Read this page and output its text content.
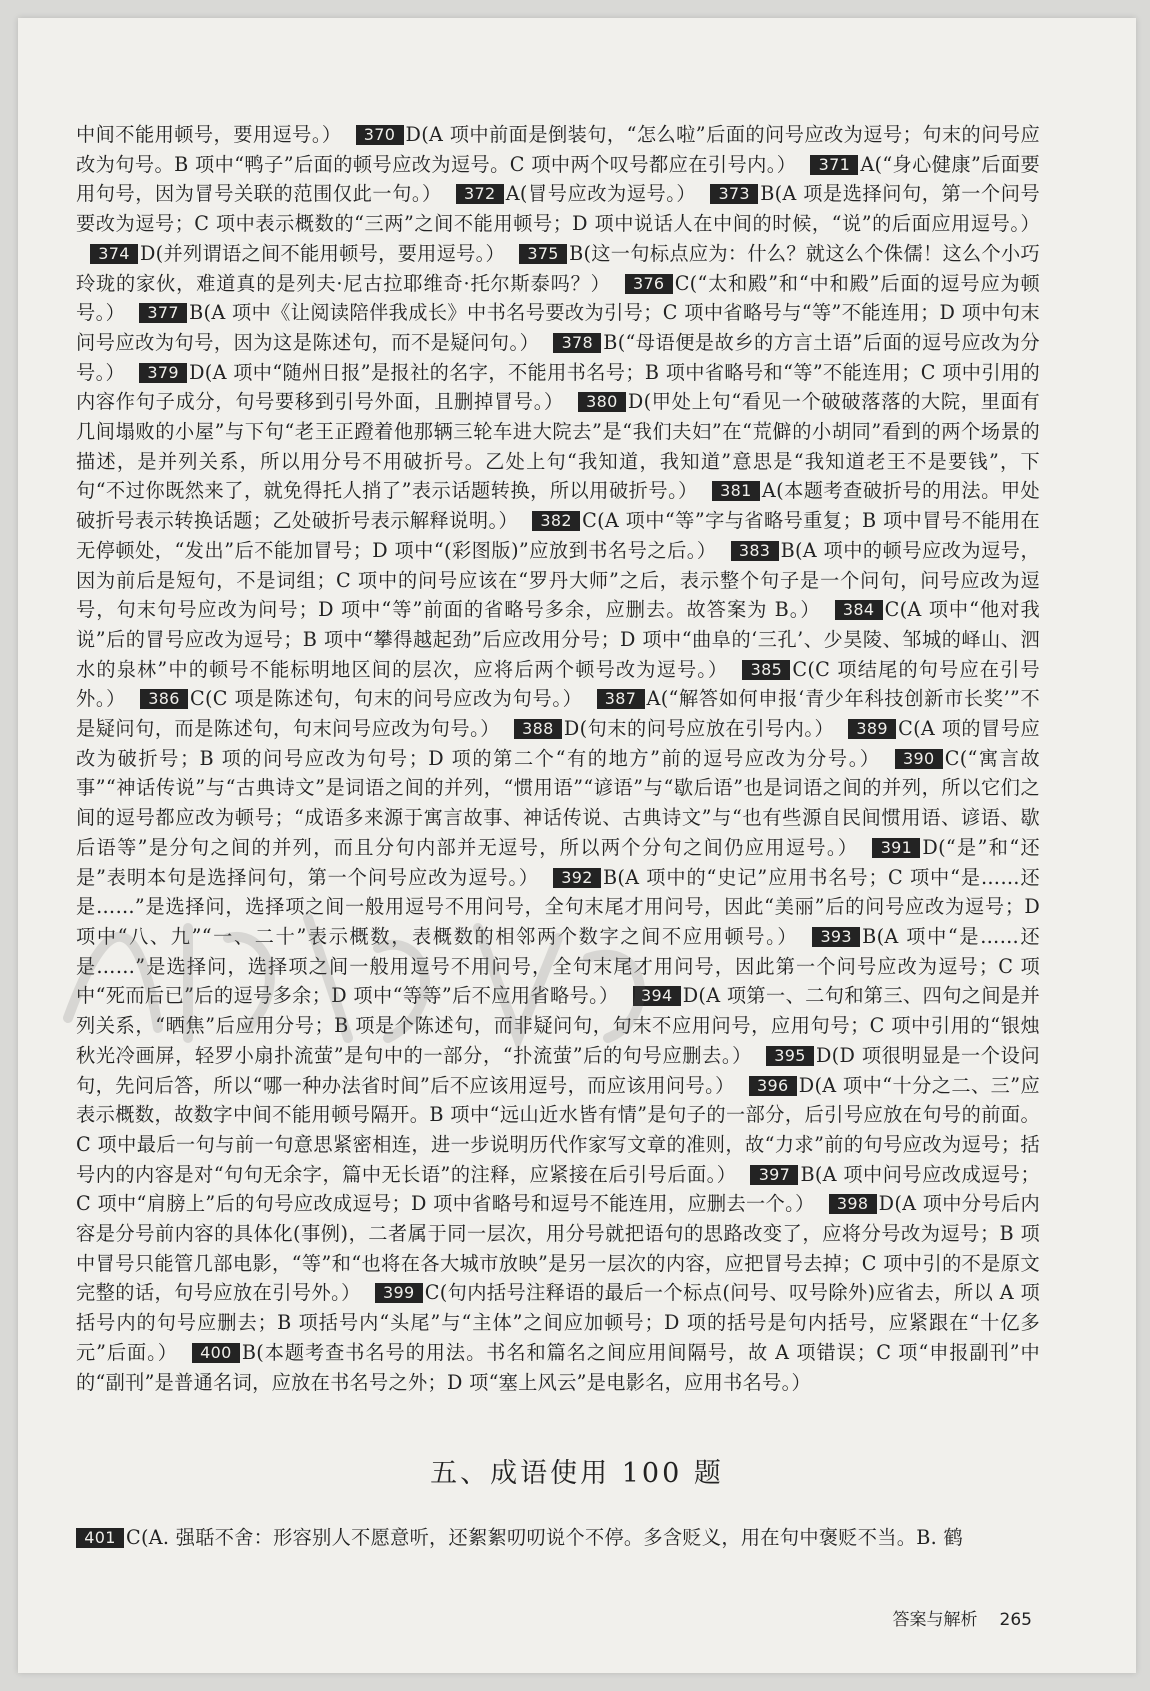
中间不能用顿号，要用逗号。） 370 D(A 项中前面是倒装句，“怎么啦”后面的问号应改为逗号；句末的问号应改为句号。B 项中“鸭子”后面的顿号应改为逗号。C 项中两个叹号都应在引号内。） 371 A(“身心健康”后面要用句号，因为冒号关联的范围仅此一句。） 372 A(冒号应改为逗号。） 373 B(A 项是选择问句，第一个问号要改为逗号；C 项中表示概数的“三两”之间不能用顿号；D 项中说话人在中间的时候，“说”的后面应用逗号。）374 D(并列谓语之间不能用顿号，要用逗号。） 375 B(这一句标点应为：什么？就这么个侏儒！这么个小巧玲珑的家伙，难道真的是列夫·尼古拉耶维奇·托尔斯泰吗？） 376 C(“太和殿”和“中和殿”后面的逗号应为顿号。） 377 B(A 项中《让阅读陪伴我成长》中书名号要改为引号；C 项中省略号与“等”不能连用；D 项中句末问号应改为句号，因为这是陈述句，而不是疑问句。） 378 B(“母语便是故乡的方言土语”后面的逗号应改为分号。） 379 D(A 项中“随州日报”是报社的名字，不能用书名号；B 项中省略号和“等”不能连用；C 项中引用的内容作句子成分，句号要移到引号外面，且删掉冒号。） 380 D(甲处上句“看见一个破破落落的大院，里面有几间塌败的小屋”与下句“老王正蹬着他那辆三轮车进大院去”是“我们夫妇”在“荒僻的小胡同”看到的两个场景的描述，是并列关系，所以用分号不用破折号。乙处上句“我知道，我知道”意思是“我知道老王不是要钱”，下句“不过你既然来了，就免得托人捎了”表示话题转换，所以用破折号。） 381 A(本题考查破折号的用法。甲处破折号表示转换话题；乙处破折号表示解释说明。） 382 C(A 项中“等”字与省略号重复；B 项中冒号不能用在无停顿处，“发出”后不能加冒号；D 项中“(彩图版)”应放到书名号之后。） 383 B(A 项中的顿号应改为逗号，因为前后是短句，不是词组；C 项中的问号应该在“罗丹大师”之后，表示整个句子是一个问句，问号应改为逗号，句末句号应改为问号；D 项中“等”前面的省略号多余，应删去。故答案为 B。） 384 C(A 项中“他对我说”后的冒号应改为逗号；B 项中“攀得越起劲”后应改用分号；D 项中“曲阜的‘三孔’、少昊陵、邹城的峄山、泗水的泉林”中的顿号不能标明地区间的层次，应将后两个顿号改为逗号。） 385 C(C 项结尾的句号应在引号外。） 386 C(C 项是陈述句，句末的问号应改为句号。） 387 A(“解答如何申报‘青少年科技创新市长奖’”不是疑问句，而是陈述句，句末问号应改为句号。） 388 D(句末的问号应放在引号内。） 389 C(A 项的冒号应改为破折号；B 项的问号应改为句号；D 项的第二个“有的地方”前的逗号应改为分号。） 390 C(“寓言故事”“神话传说”与“古典诗文”是词语之间的并列，“惯用语”“谚语”与“歇后语”也是词语之间的并列，所以它们之间的逗号都应改为顿号；“成语多来源于寓言故事、神话传说、古典诗文”与“也有些源自民间惯用语、谚语、歇后语等”是分句之间的并列，而且分句内部并无逗号，所以两个分句之间仍应用逗号。） 391 D(“是”和“还是”表明本句是选择问句，第一个问号应改为逗号。） 392 B(A 项中的“史记”应用书名号；C 项中“是……还是……”是选择问，选择项之间一般用逗号不用问号，全句末尾才用问号，因此“美丽”后的问号应改为逗号；D 项中“八、九”“一、二十”表示概数，表概数的相邻两个数字之间不应用顿号。） 393 B(A 项中“是……还是……”是选择问，选择项之间一般用逗号不用问号，全句末尾才用问号，因此第一个问号应改为逗号；C 项中“死而后已”后的逗号多余；D 项中“等等”后不应用省略号。） 394 D(A 项第一、二句和第三、四句之间是并列关系，“晒焦”后应用分号；B 项是个陈述句，而非疑问句，句末不应用问号，应用句号；C 项中引用的“银烛秋光冷画屏，轻罗小扇扑流萤”是句中的一部分，“扑流萤”后的句号应删去。） 395 D(D 项很明显是一个设问句，先问后答，所以“哪一种办法省时间”后不应该用逗号，而应该用问号。） 396 D(A 项中“十分之二、三”应表示概数，故数字中间不能用顿号隔开。B 项中“远山近水皆有情”是句子的一部分，后引号应放在句号的前面。C 项中最后一句与前一句意思紧密相连，进一步说明历代作家写文章的准则，故“力求”前的句号应改为逗号；括号内的内容是对“句句无余字，篇中无长语”的注释，应紧接在后引号后面。） 397 B(A 项中问号应改成逗号；C 项中“肩膀上”后的句号应改成逗号；D 项中省略号和逗号不能连用，应删去一个。） 398 D(A 项中分号后内容是分号前内容的具体化(事例)，二者属于同一层次，用分号就把语句的思路改变了，应将分号改为逗号；B 项中冒号只能管几部电影，“等”和“也将在各大城市放映”是另一层次的内容，应把冒号去掉；C 项中引的不是原文完整的话，句号应放在引号外。） 399 C(句内括号注释语的最后一个标点(问号、叹号除外)应省去，所以 A 项括号内的句号应删去；B 项括号内“头尾”与“主体”之间应加顿号；D 项的括号是句内括号，应紧跟在“十亿多元”后面。） 400 B(本题考查书名号的用法。书名和篇名之间应用间隔号，故 A 项错误；C 项“申报副刊”中的“副刊”是普通名词，应放在书名号之外；D 项“塞上风云”是电影名，应用书名号。）

五、成语使用 100 题
401 C(A. 强聒不舍：形容别人不愿意听，还絮絮叨叨说个不停。多含贬义，用在句中褒贬不当。B. 鹤
答案与解析 265
